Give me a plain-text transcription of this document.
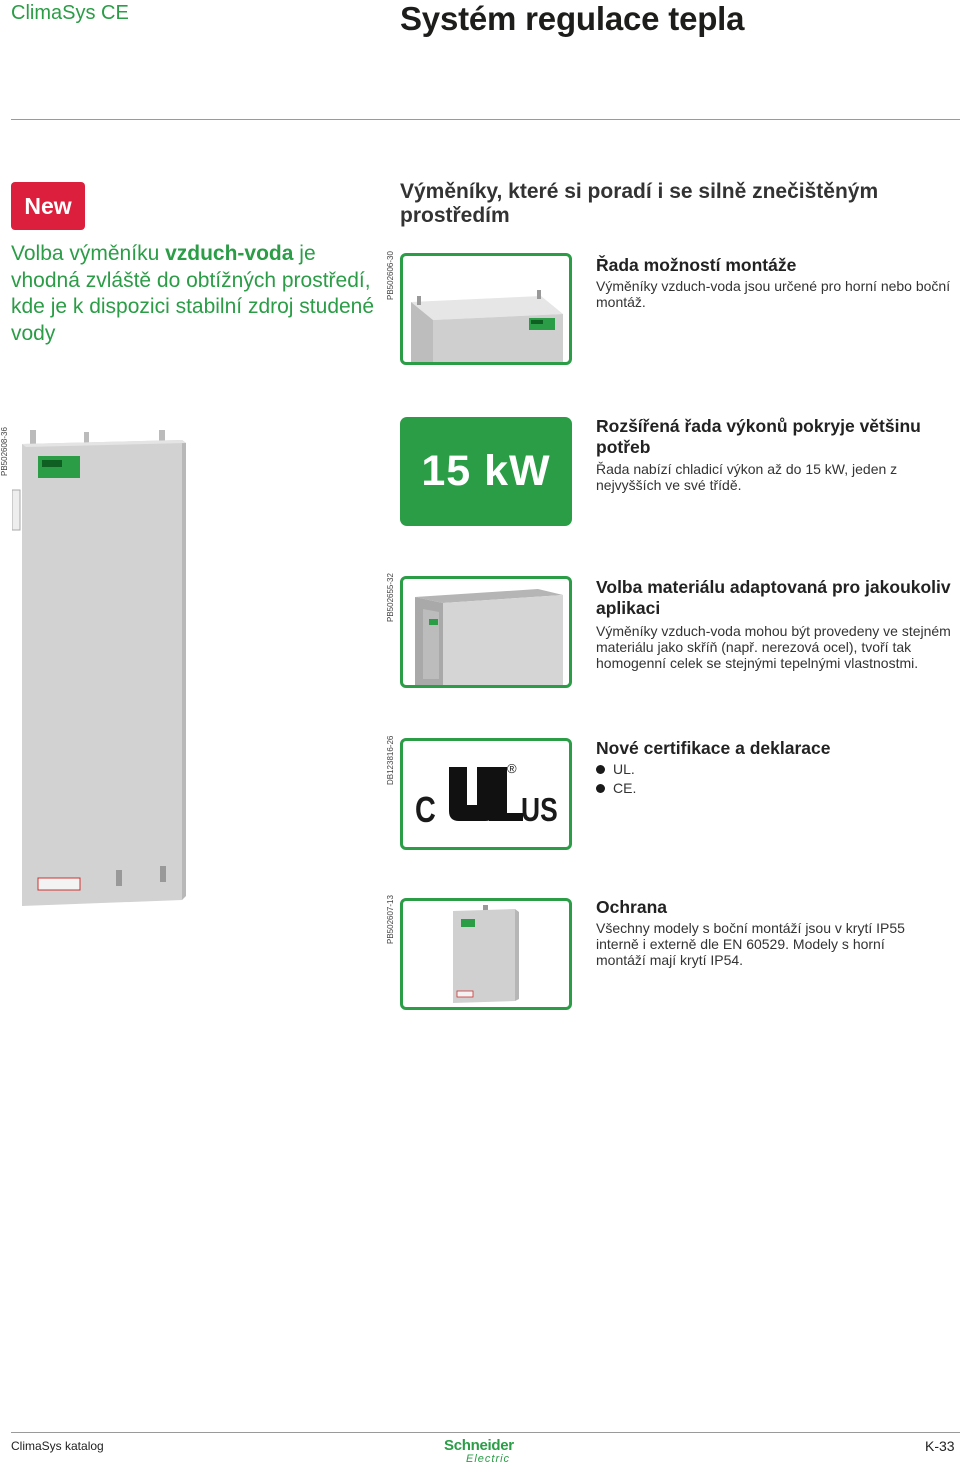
ClimaSys CE	Systém regulace tepla
New
Volba výměníku vzduch-voda je vhodná zvláště do obtížných prostředí, kde je k dispozici stabilní zdroj studené vody
Výměníky, které si poradí i se silně znečištěným prostředím
PB502608-36
PB502606-30	Řada možností montáže
Výměníky vzduch-voda jsou určené pro horní nebo boční montáž.
15 kW
Rozšířená řada výkonů pokryje většinu potřeb
Řada nabízí chladicí výkon až do 15 kW, jeden z nejvyšších ve své třídě.
PB502655-32	Volba materiálu adaptovaná pro jakoukoliv aplikaci
Výměníky vzduch-voda mohou být provedeny ve stejném materiálu jako skříň (např. nerezová ocel), tvoří tak homogenní celek se stejnými tepelnými vlastnostmi.
DB123816-26
C	US
®
Nové certifikace a deklarace
UL.
CE.
PB502607-13	Ochrana
Všechny modely s boční montáží jsou v krytí IP55 interně i externě dle EN 60529. Modely s horní montáží mají krytí IP54.
ClimaSys katalog	Schneider
Electric
K-33
